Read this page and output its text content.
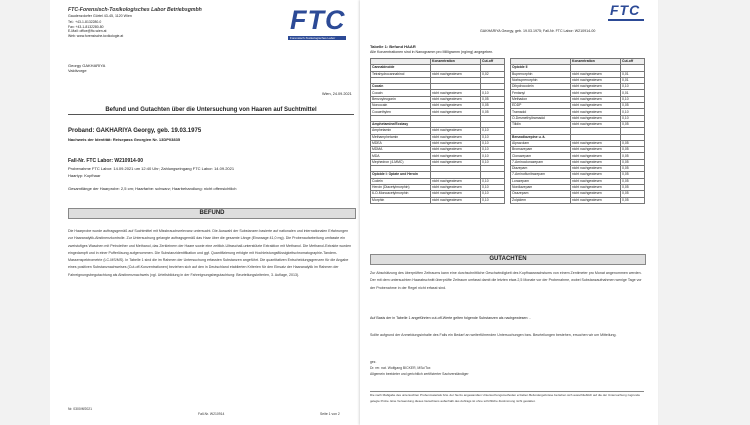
FTC-Forensisch-Toxikologisches Labor Betriebsgmbh
Gaudenzdorfer Gürtel 43-45, 1120 Wien
Tel.: +43-1-8132280-0
Fax: +43-1-8132280-80
E-Mail: office@ftc-wien.at
Web: www.forensische-toxikologie.at
FTC
Forensisch-Toxikologisches Labor
Georgy GAKHARIYA
Valdivorge
Wien, 24.09.2021
Befund und Gutachten über die Untersuchung von Haaren auf Suchtmittel
Proband: GAKHARIYA Georgy, geb. 19.03.1975
Nachweis der Identität: Reisepass Georgien Nr. 13DP03835
Fall-Nr. FTC Labor: W210914-00
Probenahme FTC Labor: 14.09.2021 um 12:40 Uhr; Zahlungseingang FTC Labor: 14.09.2021
Haartyp: Kopfhaar
Gesamtlänge der Haarprobe: 2,5 cm; Haarfarbe: schwarz; Haarbehandlung: nicht offensichtlich
BEFUND
Die Haarprobe wurde auftragsgemäß auf Suchtmittel mit Missbrauchsrelevanz untersucht. Die Auswahl der Substanzen basierte auf nationalen und internationalen Erfahrungen zur Haaranalytik-Abstinenzkontrolle. Zur Untersuchung gelangte auftragsgemäß das Haar über die gesamte Länge (Einwaage 41,0 mg). Die Probenaufarbeitung umfasste ein zweistufiges Waschen mit Petrolether und Methanol, das Zerkleinern der Haare sowie eine zeitlich-Ultraschall-unterstützte Extraktion mit Methanol. Die Methanol-Extrakte wurden eingedampft und in einer Pufferlösung aufgenommen. Die Substanzidentifikation und ggf. Quantifizierung erfolgte mit Hochleistungsflüssigkeitschromatographie-Tandem-Massenspektrometrie (LC-MS/MS). In Tabelle 1 sind die im Rahmen der Untersuchung erfassten Substanzen angeführt. Die quantitativen Entscheidungsgrenzen für die Angabe eines positiven Substanznachweises (Cut-off-Konzentrationen) beziehen sich auf den in Deutschland etablierten Kriterien für den Einsatz der Haaranalytik im Rahmen der Fahreignungsbegutachtung als Abstinenznachweis (vgl. Urteilsbildung in der Fahreignungsbegutachtung: Beurteilungskriterien, 3. Auflage, 2013).
Nr. 0300/ff/2021
Fall-Nr. W210914	Seite 1 von 2
FTC
GAKHARIYA Georgy, geb. 19.03.1975; Fall-Nr. FTC Labor: W210914-00
Tabelle 1: Befund HAAR
Alle Konzentrationen sind in Nanogramm pro Milligramm (ng/mg) angegeben.
	Konzentration	Cut-off
Cannabinoide		
Tetrahydrocannabinol	nicht nachgewiesen	0,02

Cocain		
Cocain	nicht nachgewiesen	0,10
Benzoylecgonin	nicht nachgewiesen	0,05
Norcocain	nicht nachgewiesen	0,05
Cocaethylen	nicht nachgewiesen	0,05

Amphetamine/Ecstasy		
Amphetamin	nicht nachgewiesen	0,10
Methamphetamin	nicht nachgewiesen	0,10
MDEA	nicht nachgewiesen	0,10
MDMA	nicht nachgewiesen	0,10
MDA	nicht nachgewiesen	0,10
Mephedron (4-MMC)	nicht nachgewiesen	0,10

Opioide I: Opiate und Heroin		
Codein	nicht nachgewiesen	0,10
Heroin (Diacetylmorphin)	nicht nachgewiesen	0,10
6-O-Monoacetylmorphin	nicht nachgewiesen	0,10
Morphin	nicht nachgewiesen	0,10
	Konzentration	Cut-off
Opioide II		
Buprenorphin	nicht nachgewiesen	0,01
Norbuprenorphin	nicht nachgewiesen	0,01
Dihydrocodein	nicht nachgewiesen	0,10
Fentanyl	nicht nachgewiesen	0,01
Methadon	nicht nachgewiesen	0,10
EDDP	nicht nachgewiesen	0,05
Tramadol	nicht nachgewiesen	0,10
O-Desmethyltramadol	nicht nachgewiesen	0,10
Tilidin	nicht nachgewiesen	0,05

Benzodiazepine u. ä.		
Alprazolam	nicht nachgewiesen	0,05
Bromazepam	nicht nachgewiesen	0,05
Clonazepam	nicht nachgewiesen	0,05
7-Aminoclonazepam	nicht nachgewiesen	0,05
Diazepam	nicht nachgewiesen	0,05
7-Aminoflunitrazepam	nicht nachgewiesen	0,05
Lorazepam	nicht nachgewiesen	0,05
Nordiazepam	nicht nachgewiesen	0,05
Oxazepam	nicht nachgewiesen	0,05
Zolpidem	nicht nachgewiesen	0,05
GUTACHTEN
Zur Abschätzung des überprüften Zeitraums kann eine durchschnittliche Geschwindigkeit des Kopfhaarwachstums von einem Zentimeter pro Monat angenommen werden. Der mit dem untersuchten Haarabschnitt überprüfte Zeitraum umfasst damit die letzten etwa 2,5 Monate vor der Probenahme, wobei Substanzaufnahmen wenige Tage vor der Probenahme in der Regel nicht erfasst sind.
Auf Basis der in Tabelle 1 angeführten cut-off-Werte gelten folgende Substanzen als nachgewiesen: -
Sollte aufgrund der Anmeldungsinhalte des Falls ein Bedarf an weiterführenden Untersuchungen bzw. Beurteilungen bestehen, ersuchen wir um Mitteilung.
gez.
Dr. rer. nat. Wolfgang BICKER, MSc/Tox
Allgemein beeideter und gerichtlich zertifizierter Sachverständiger
Die nach Maßgabe des untersuchten Probenmaterials bzw. der hierzu angewandten Untersuchungsmethoden erzielten Befundergebnisse beziehen sich ausschließlich auf die der Untersuchung zugrunde gelegte Probe. Eine Verwendung dieses Gutachtens außerhalb des Auftrags ist ohne schriftliche Zustimmung nicht gestattet.
